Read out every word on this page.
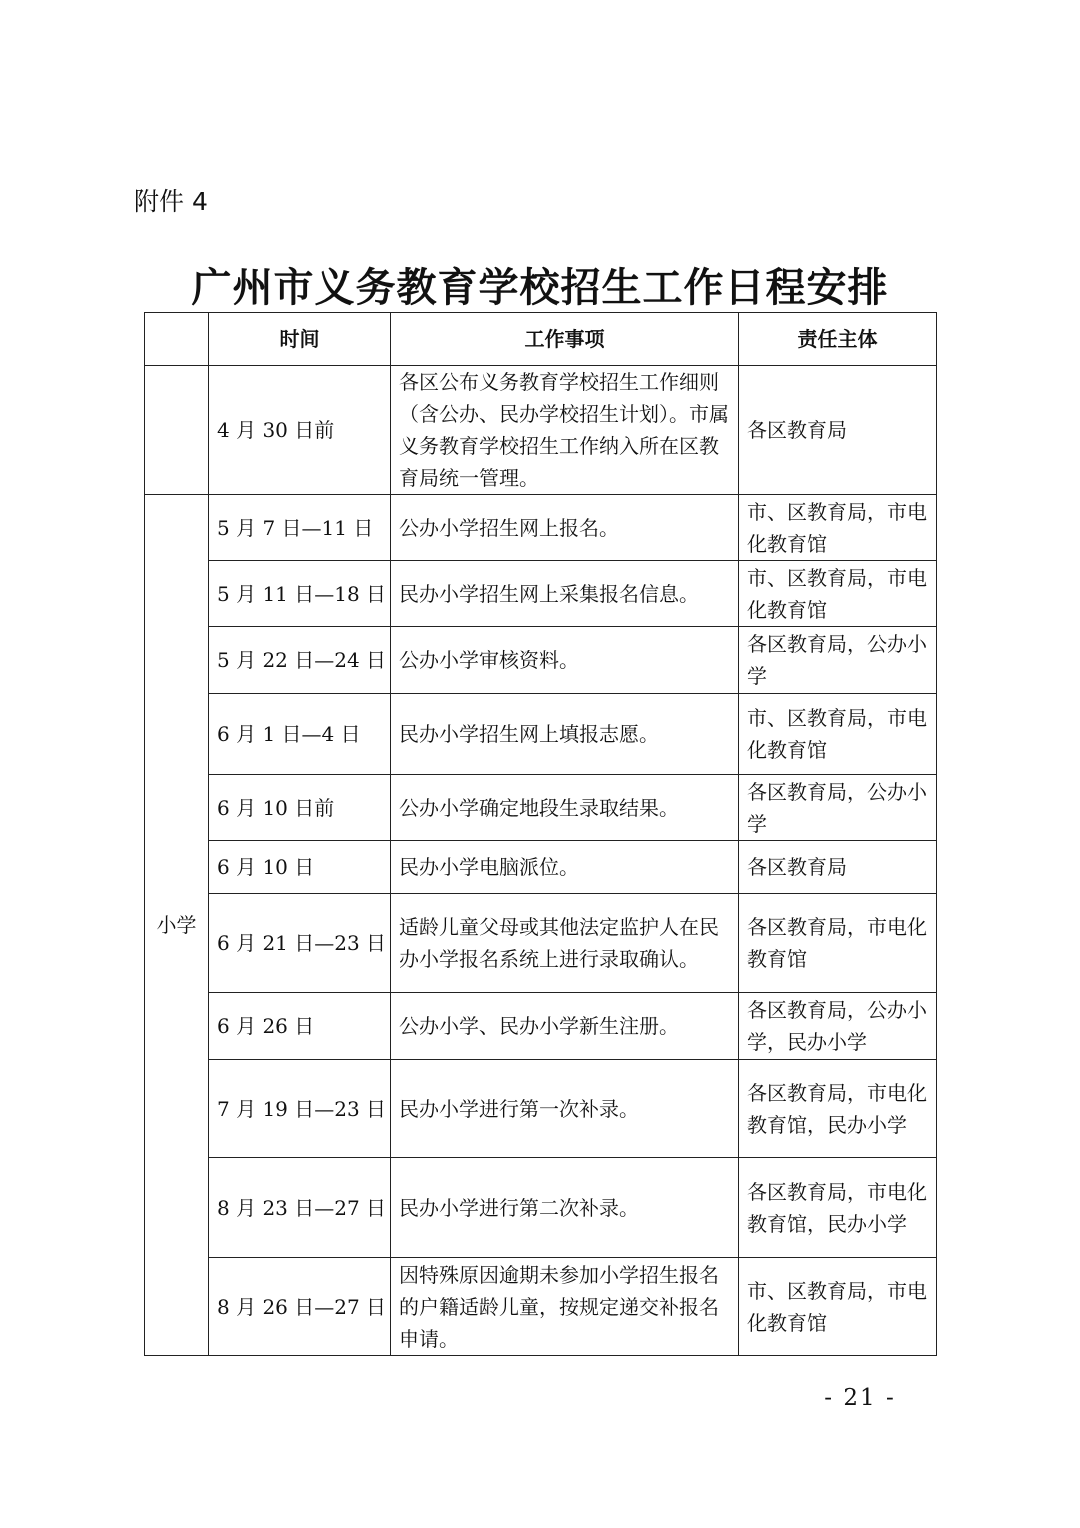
附件 4
广州市义务教育学校招生工作日程安排
	时间	工作事项	责任主体
	4 月 30 日前	各区公布义务教育学校招生工作细则（含公办、民办学校招生计划）。市属义务教育学校招生工作纳入所在区教育局统一管理。	各区教育局
小学	5 月 7 日—11 日	公办小学招生网上报名。	市、区教育局，市电化教育馆
	5 月 11 日—18 日	民办小学招生网上采集报名信息。	市、区教育局，市电化教育馆
	5 月 22 日—24 日	公办小学审核资料。	各区教育局，公办小学
	6 月 1 日—4 日	民办小学招生网上填报志愿。	市、区教育局，市电化教育馆
	6 月 10 日前	公办小学确定地段生录取结果。	各区教育局，公办小学
	6 月 10 日	民办小学电脑派位。	各区教育局
	6 月 21 日—23 日	适龄儿童父母或其他法定监护人在民办小学报名系统上进行录取确认。	各区教育局，市电化教育馆
	6 月 26 日	公办小学、民办小学新生注册。	各区教育局，公办小学，民办小学
	7 月 19 日—23 日	民办小学进行第一次补录。	各区教育局，市电化教育馆，民办小学
	8 月 23 日—27 日	民办小学进行第二次补录。	各区教育局，市电化教育馆，民办小学
	8 月 26 日—27 日	因特殊原因逾期未参加小学招生报名的户籍适龄儿童，按规定递交补报名申请。	市、区教育局，市电化教育馆
- 21 -
